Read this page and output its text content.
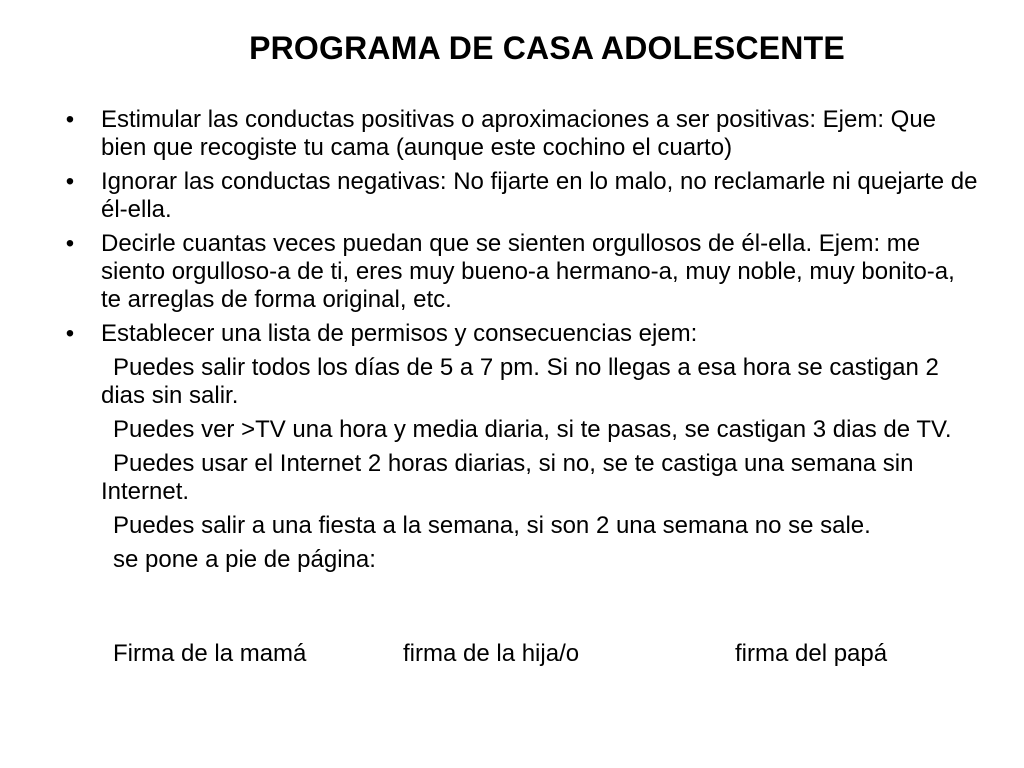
PROGRAMA DE CASA ADOLESCENTE
• Estimular las conductas positivas o aproximaciones a ser positivas: Ejem: Que bien que recogiste tu cama (aunque este cochino el cuarto)
• Ignorar las conductas negativas: No fijarte en lo malo, no reclamarle ni quejarte de él-ella.
• Decirle cuantas veces puedan que se sienten orgullosos de él-ella. Ejem: me siento orgulloso-a de ti, eres muy bueno-a hermano-a, muy noble, muy bonito-a, te arreglas de forma original, etc.
• Establecer una lista de permisos y consecuencias ejem:
Puedes salir todos los días de 5 a 7 pm. Si no llegas a esa hora se castigan 2 dias sin salir.
Puedes ver >TV una hora y media diaria, si te pasas, se castigan 3 dias de TV.
Puedes usar el Internet 2 horas diarias, si no, se te castiga una semana sin Internet.
Puedes salir a una fiesta a la semana, si son 2 una semana no se sale.
se pone a pie de página:
Firma de la mamá	firma de la hija/o	firma del papá
